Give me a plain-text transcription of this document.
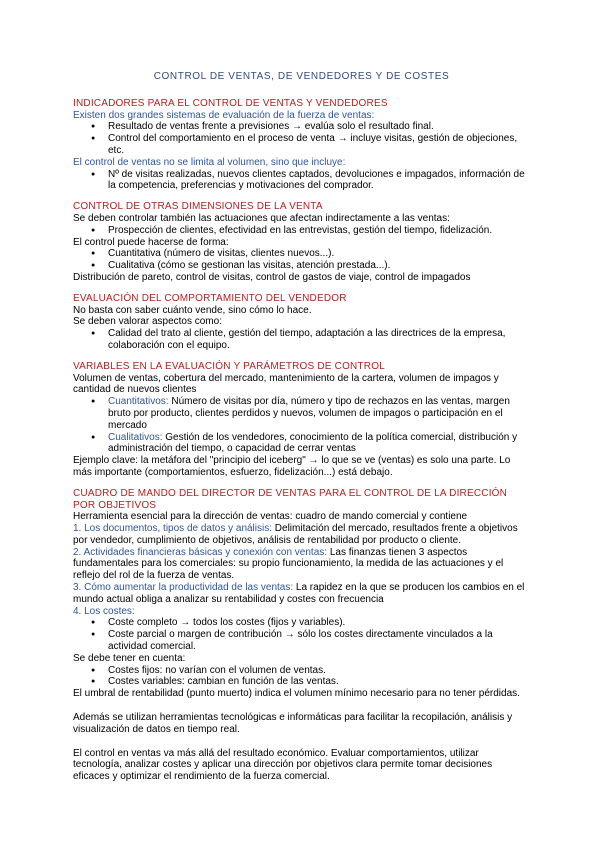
CONTROL DE VENTAS, DE VENDEDORES Y DE COSTES
INDICADORES PARA EL CONTROL DE VENTAS Y VENDEDORES

Existen dos grandes sistemas de evaluación de la fuerza de ventas:

● Resultado de ventas frente a previsiones → evalúa solo el resultado final.
● Control del comportamiento en el proceso de venta → incluye visitas, gestión de objeciones, etc.

El control de ventas no se limita al volumen, sino que incluye:

● Nº de visitas realizadas, nuevos clientes captados, devoluciones e impagados, información de la competencia, preferencias y motivaciones del comprador.
CONTROL DE OTRAS DIMENSIONES DE LA VENTA

Se deben controlar también las actuaciones que afectan indirectamente a las ventas:

● Prospección de clientes, efectividad en las entrevistas, gestión del tiempo, fidelización.

El control puede hacerse de forma:

● Cuantitativa (número de visitas, clientes nuevos...).
● Cualitativa (cómo se gestionan las visitas, atención prestada...).

Distribución de pareto, control de visitas, control de gastos de viaje, control de impagados

EVALUACIÓN DEL COMPORTAMIENTO DEL VENDEDOR

No basta con saber cuánto vende, sino cómo lo hace.

Se deben valorar aspectos como:

● Calidad del trato al cliente, gestión del tiempo, adaptación a las directrices de la empresa, colaboración con el equipo.
VARIABLES EN LA EVALUACIÓN Y PARÁMETROS DE CONTROL

Volumen de ventas, cobertura del mercado, mantenimiento de la cartera, volumen de impagos y cantidad de nuevos clientes

● Cuantitativos: Número de visitas por día, número y tipo de rechazos en las ventas, margen bruto por producto, clientes perdidos y nuevos, volumen de impagos o participación en el mercado
● Cualitativos: Gestión de los vendedores, conocimiento de la política comercial, distribución y administración del tiempo, o capacidad de cerrar ventas

Ejemplo clave: la metáfora del "principio del iceberg" → lo que se ve (ventas) es solo una parte. Lo más importante (comportamientos, esfuerzo, fidelización...) está debajo.

CUADRO DE MANDO DEL DIRECTOR DE VENTAS PARA EL CONTROL DE LA DIRECCIÓN POR OBJETIVOS

Herramienta esencial para la dirección de ventas: cuadro de mando comercial y contiene

1. Los documentos, tipos de datos y análisis: Delimitación del mercado, resultados frente a objetivos por vendedor, cumplimiento de objetivos, análisis de rentabilidad por producto o cliente.

2. Actividades financieras básicas y conexión con ventas: Las finanzas tienen 3 aspectos fundamentales para los comerciales: su propio funcionamiento, la medida de las actuaciones y el reflejo del rol de la fuerza de ventas.

3. Cómo aumentar la productividad de las ventas: La rapidez en la que se producen los cambios en el mundo actual obliga a analizar su rentabilidad y costes con frecuencia

4. Los costes:

● Coste completo → todos los costes (fijos y variables).
● Coste parcial o margen de contribución → sólo los costes directamente vinculados a la actividad comercial.

Se debe tener en cuenta:

● Costes fijos: no varían con el volumen de ventas.
● Costes variables: cambian en función de las ventas.

El umbral de rentabilidad (punto muerto) indica el volumen mínimo necesario para no tener pérdidas.

Además se utilizan herramientas tecnológicas e informáticas para facilitar la recopilación, análisis y visualización de datos en tiempo real.

El control en ventas va más allá del resultado económico. Evaluar comportamientos, utilizar tecnología, analizar costes y aplicar una dirección por objetivos clara permite tomar decisiones eficaces y optimizar el rendimiento de la fuerza comercial.
